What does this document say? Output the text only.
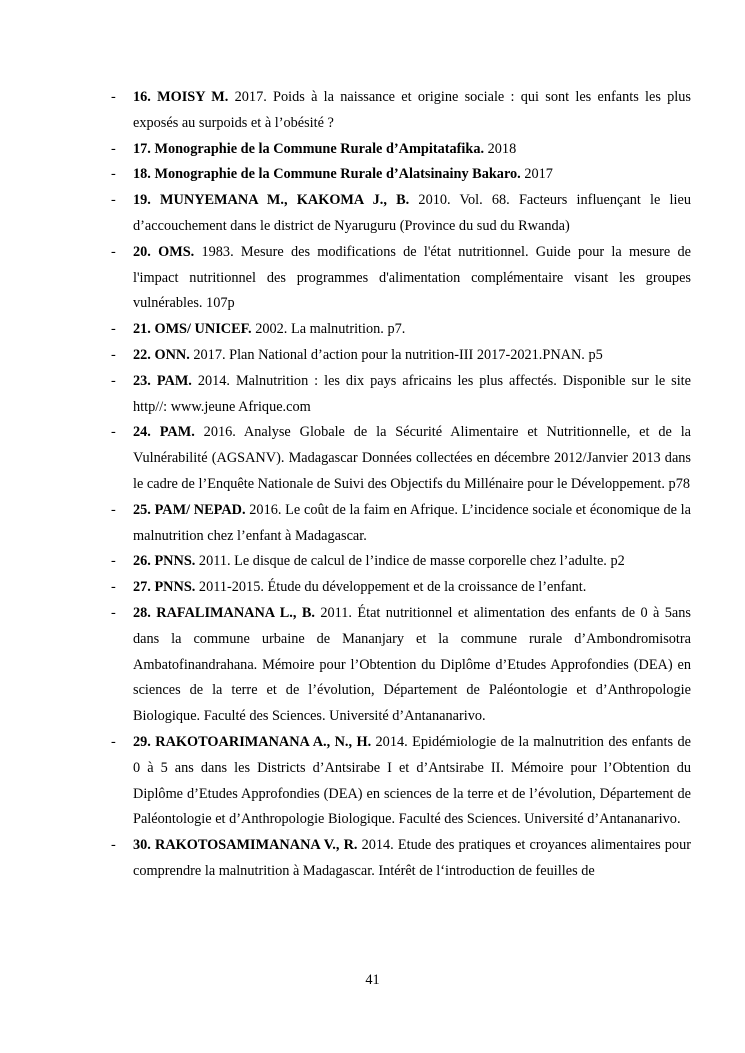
- 16. MOISY M. 2017. Poids à la naissance et origine sociale : qui sont les enfants les plus exposés au surpoids et à l’obésité ?
- 17. Monographie de la Commune Rurale d’Ampitatafika. 2018
- 18. Monographie de la Commune Rurale d’Alatsinainy Bakaro. 2017
- 19. MUNYEMANA M., KAKOMA J., B. 2010. Vol. 68. Facteurs influençant le lieu d’accouchement dans le district de Nyaruguru (Province du sud du Rwanda)
- 20. OMS. 1983. Mesure des modifications de l'état nutritionnel. Guide pour la mesure de l'impact nutritionnel des programmes d'alimentation complémentaire visant les groupes vulnérables. 107p
- 21. OMS/ UNICEF. 2002. La malnutrition. p7.
- 22. ONN. 2017. Plan National d’action pour la nutrition-III 2017-2021.PNAN. p5
- 23. PAM. 2014. Malnutrition : les dix pays africains les plus affectés. Disponible sur le site http//: www.jeune Afrique.com
- 24. PAM. 2016. Analyse Globale de la Sécurité Alimentaire et Nutritionnelle, et de la Vulnérabilité (AGSANV). Madagascar Données collectées en décembre 2012/Janvier 2013 dans le cadre de l’Enquête Nationale de Suivi des Objectifs du Millénaire pour le Développement. p78
- 25. PAM/ NEPAD. 2016. Le coût de la faim en Afrique. L’incidence sociale et économique de la malnutrition chez l’enfant à Madagascar.
- 26. PNNS. 2011. Le disque de calcul de l’indice de masse corporelle chez l’adulte. p2
- 27. PNNS. 2011-2015. Étude du développement et de la croissance de l’enfant.
- 28. RAFALIMANANA L., B. 2011. État nutritionnel et alimentation des enfants de 0 à 5ans dans la commune urbaine de Mananjary et la commune rurale d’Ambondromisotra Ambatofinandrahana. Mémoire pour l’Obtention du Diplôme d’Etudes Approfondies (DEA) en sciences de la terre et de l’évolution, Département de Paléontologie et d’Anthropologie Biologique. Faculté des Sciences. Université d’Antananarivo.
- 29. RAKOTOARIMANANA A., N., H. 2014. Epidémiologie de la malnutrition des enfants de 0 à 5 ans dans les Districts d’Antsirabe I et d’Antsirabe II. Mémoire pour l’Obtention du Diplôme d’Etudes Approfondies (DEA) en sciences de la terre et de l’évolution, Département de Paléontologie et d’Anthropologie Biologique. Faculté des Sciences. Université d’Antananarivo.
- 30. RAKOTOSAMIMANANA V., R. 2014. Etude des pratiques et croyances alimentaires pour comprendre la malnutrition à Madagascar. Intérêt de l‘introduction de feuilles de
41
